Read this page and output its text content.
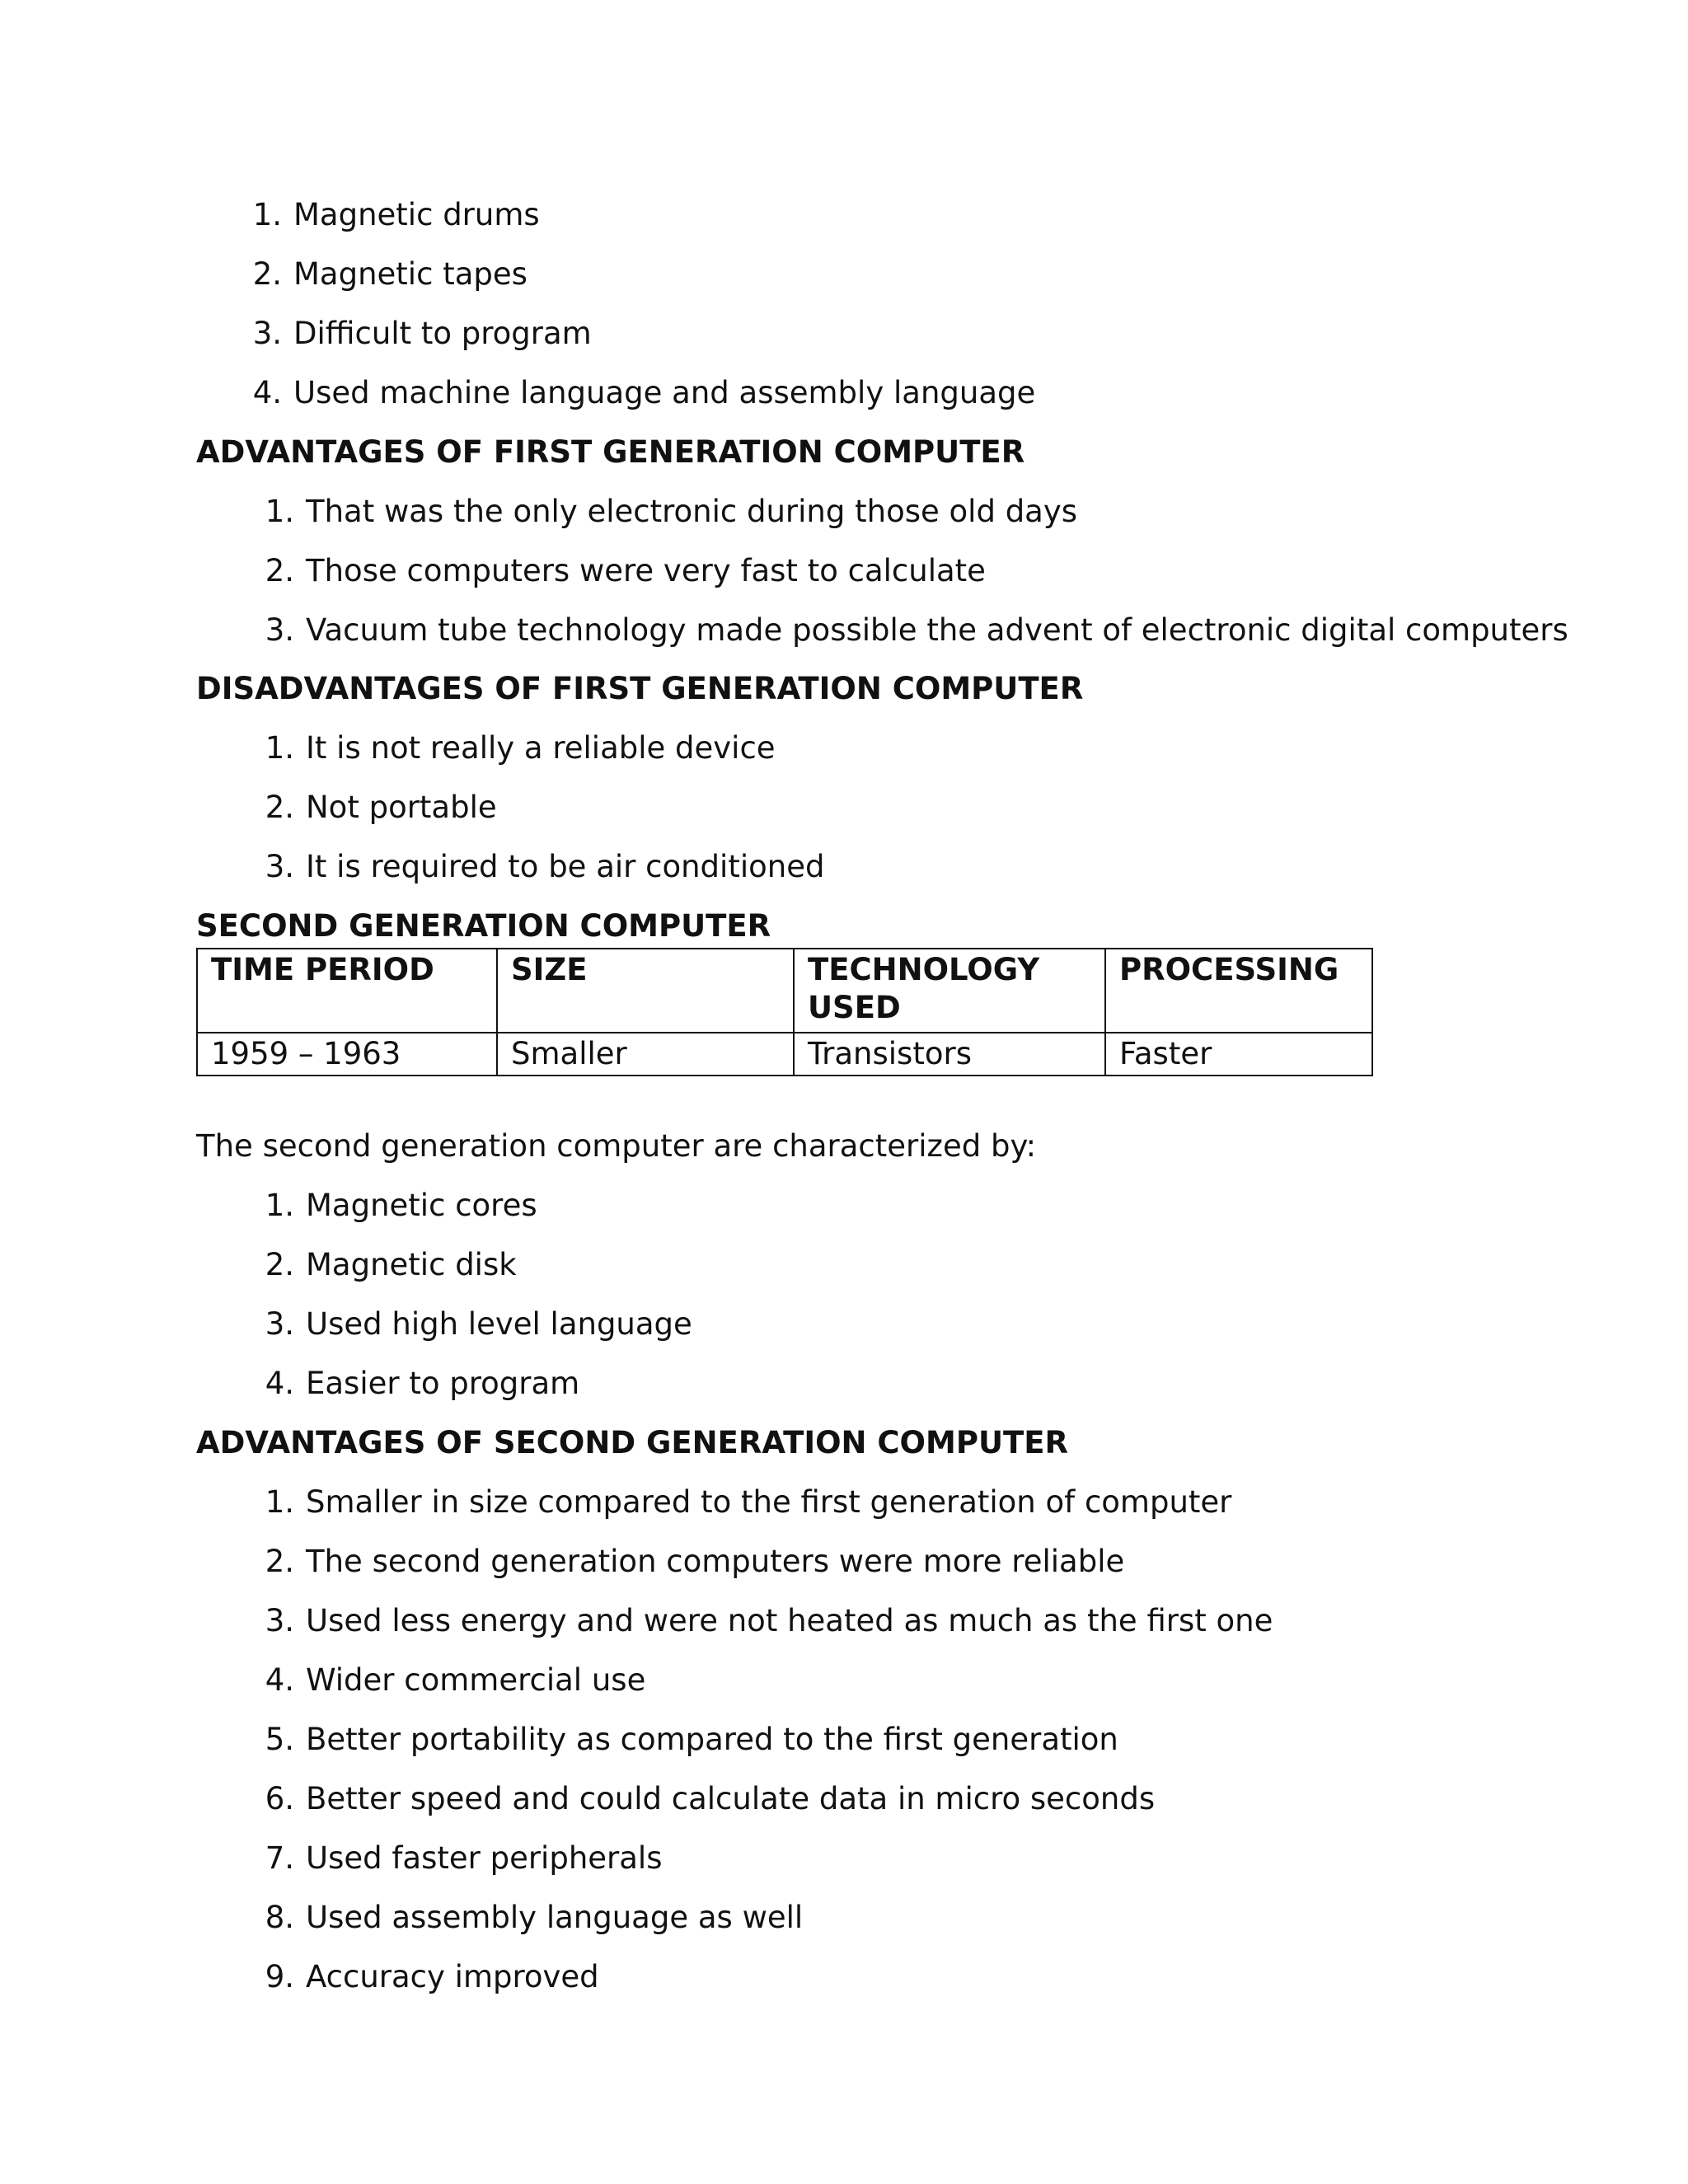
1. Magnetic drums
2. Magnetic tapes
3. Difficult to program
4. Used machine language and assembly language
ADVANTAGES OF FIRST GENERATION COMPUTER
1. That was the only electronic during those old days
2. Those computers were very fast to calculate
3. Vacuum tube technology made possible the advent of electronic digital computers
DISADVANTAGES OF FIRST GENERATION COMPUTER
1. It is not really a reliable device
2. Not portable
3. It is required to be air conditioned
SECOND GENERATION COMPUTER
TIME PERIOD	SIZE	TECHNOLOGY USED	PROCESSING
1959 – 1963	Smaller	Transistors	Faster
The second generation computer are characterized by:
1. Magnetic cores
2. Magnetic disk
3. Used high level language
4. Easier to program
ADVANTAGES OF SECOND GENERATION COMPUTER
1. Smaller in size compared to the first generation of computer
2. The second generation computers were more reliable
3. Used less energy and were not heated as much as the first one
4. Wider commercial use
5. Better portability as compared to the first generation
6. Better speed and could calculate data in micro seconds
7. Used faster peripherals
8. Used assembly language as well
9. Accuracy improved
